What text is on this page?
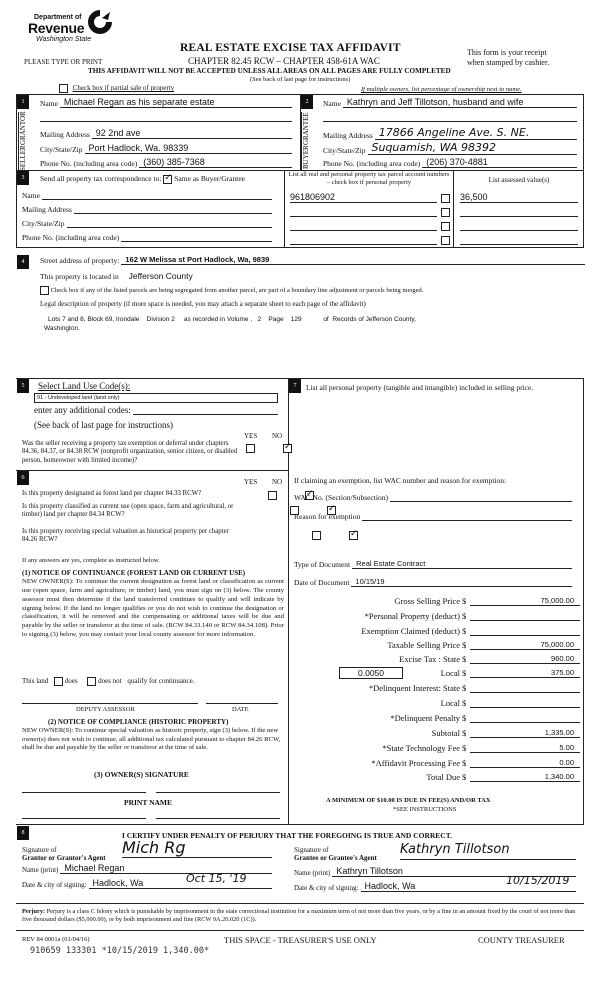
Department of
Revenue
Washington State
REAL ESTATE EXCISE TAX AFFIDAVIT
PLEASE TYPE OR PRINT	CHAPTER 82.45 RCW – CHAPTER 458-61A WAC
This form is your receipt
when stamped by cashier.
THIS AFFIDAVIT WILL NOT BE ACCEPTED UNLESS ALL AREAS ON ALL PAGES ARE FULLY COMPLETED
(See back of last page for instructions)
Check box if partial sale of property	If multiple owners, list percentage of ownership next to name.
1
SELLER
GRANTOR
Name Michael Regan as his separate estate
Mailing Address 92 2nd ave
City/State/Zip Port Hadlock, Wa. 98339
Phone No. (including area code) (360) 385-7368
2
BUYER
GRANTEE
Name Kathryn and Jeff Tillotson, husband and wife
Mailing Address 17866 Angeline Ave. S. NE.
City/State/Zip Suquamish, WA 98392
Phone No. (including area code) (206) 370-4881
3	Send all property tax correspondence to: ✓ Same as Buyer/Grantee
Name
Mailing Address
City/State/Zip
Phone No. (including area code)
List all real and personal property tax parcel account numbers – check box if personal property	List assessed value(s)
961806902	36,500
4	Street address of property: 162 W Melissa st Port Hadlock, Wa, 9839
This property is located in Jefferson County
Check box if any of the listed parcels are being segregated from another parcel, are part of a boundary line adjustment or parcels being merged.
Legal description of property (if more space is needed, you may attach a separate sheet to each page of the affidavit)
Lots 7 and 8, Block 69, Irondale    Division 2     as recorded in Volume ,   2    Page    129            of  Records of Jefferson County,
Washington.
5	Select Land Use Code(s):
91 - Undeveloped land (land only)
enter any additional codes:
(See back of last page for instructions)
YES NO
Was the seller receiving a property tax exemption or deferral under chapters 84.36, 84.37, or 84.38 RCW (nonprofit organization, senior citizen, or disabled person, homeowner with limited income)?
✓
6	YES NO
Is this property designated as forest land per chapter 84.33 RCW?
✓
Is this property classified as current use (open space, farm and agricultural, or timber) land per chapter 84.34 RCW?
✓
Is this property receiving special valuation as historical property per chapter 84.26 RCW?
✓
If any answers are yes, complete as instructed below.
(1) NOTICE OF CONTINUANCE (FOREST LAND OR CURRENT USE)
NEW OWNER(S): To continue the current designation as forest land or classification as current use (open space, farm and agriculture, or timber) land, you must sign on (3) below. The county assessor must then determine if the land transferred continues to qualify and will indicate by signing below. If the land no longer qualifies or you do not wish to continue the designation or classification, it will be removed and the compensating or additional taxes will be due and payable by the seller or transferor at the time of sale. (RCW 84.33.140 or RCW 84.34.108). Prior to signing (3) below, you may contact your local county assessor for more information.
This land does	does not qualify for continuance.
DEPUTY ASSESSOR	DATE
(2) NOTICE OF COMPLIANCE (HISTORIC PROPERTY)
NEW OWNER(S): To continue special valuation as historic property, sign (3) below. If the new owner(s) does not wish to continue, all additional tax calculated pursuant to chapter 84.26 RCW, shall be due and payable by the seller or transferor at the time of sale.
(3) OWNER(S) SIGNATURE
PRINT NAME
7	List all personal property (tangible and intangible) included in selling price.
If claiming an exemption, list WAC number and reason for exemption:
WAC No. (Section/Subsection)
Reason for exemption
Type of Document Real Estate Contract
Date of Document 10/15/19
Gross Selling Price $	75,000.00
*Personal Property (deduct) $
Exemption Claimed (deduct) $
Taxable Selling Price $	75,000.00
Excise Tax : State $	960.00
0.0050	Local $	375.00
*Delinquent Interest: State $
Local $
*Delinquent Penalty $
Subtotal $	1,335.00
*State Technology Fee $	5.00
*Affidavit Processing Fee $	0.00
Total Due $	1,340.00
A MINIMUM OF $10.00 IS DUE IN FEE(S) AND/OR TAX
*SEE INSTRUCTIONS
8	I CERTIFY UNDER PENALTY OF PERJURY THAT THE FOREGOING IS TRUE AND CORRECT.
Signature of
Grantor or Grantor's Agent
Mich Rg
Name (print) Michael Regan
Date & city of signing: Hadlock, Wa	Oct 15, '19
Signature of
Grantee or Grantee's Agent
Kathryn Tillotson
Name (print) Kathryn Tillotson
Date & city of signing: Hadlock, Wa	10/15/2019
Perjury: Perjury is a class C felony which is punishable by imprisonment in the state correctional institution for a maximum term of not more than five years, or by a fine in an amount fixed by the court of not more than five thousand dollars ($5,000.00), or by both imprisonment and fine (RCW 9A.20.020 (1C)).
REV 84 0001a (01/04/16)	THIS SPACE - TREASURER'S USE ONLY	COUNTY TREASURER
910659 133301 *10/15/2019 1,340.00*
